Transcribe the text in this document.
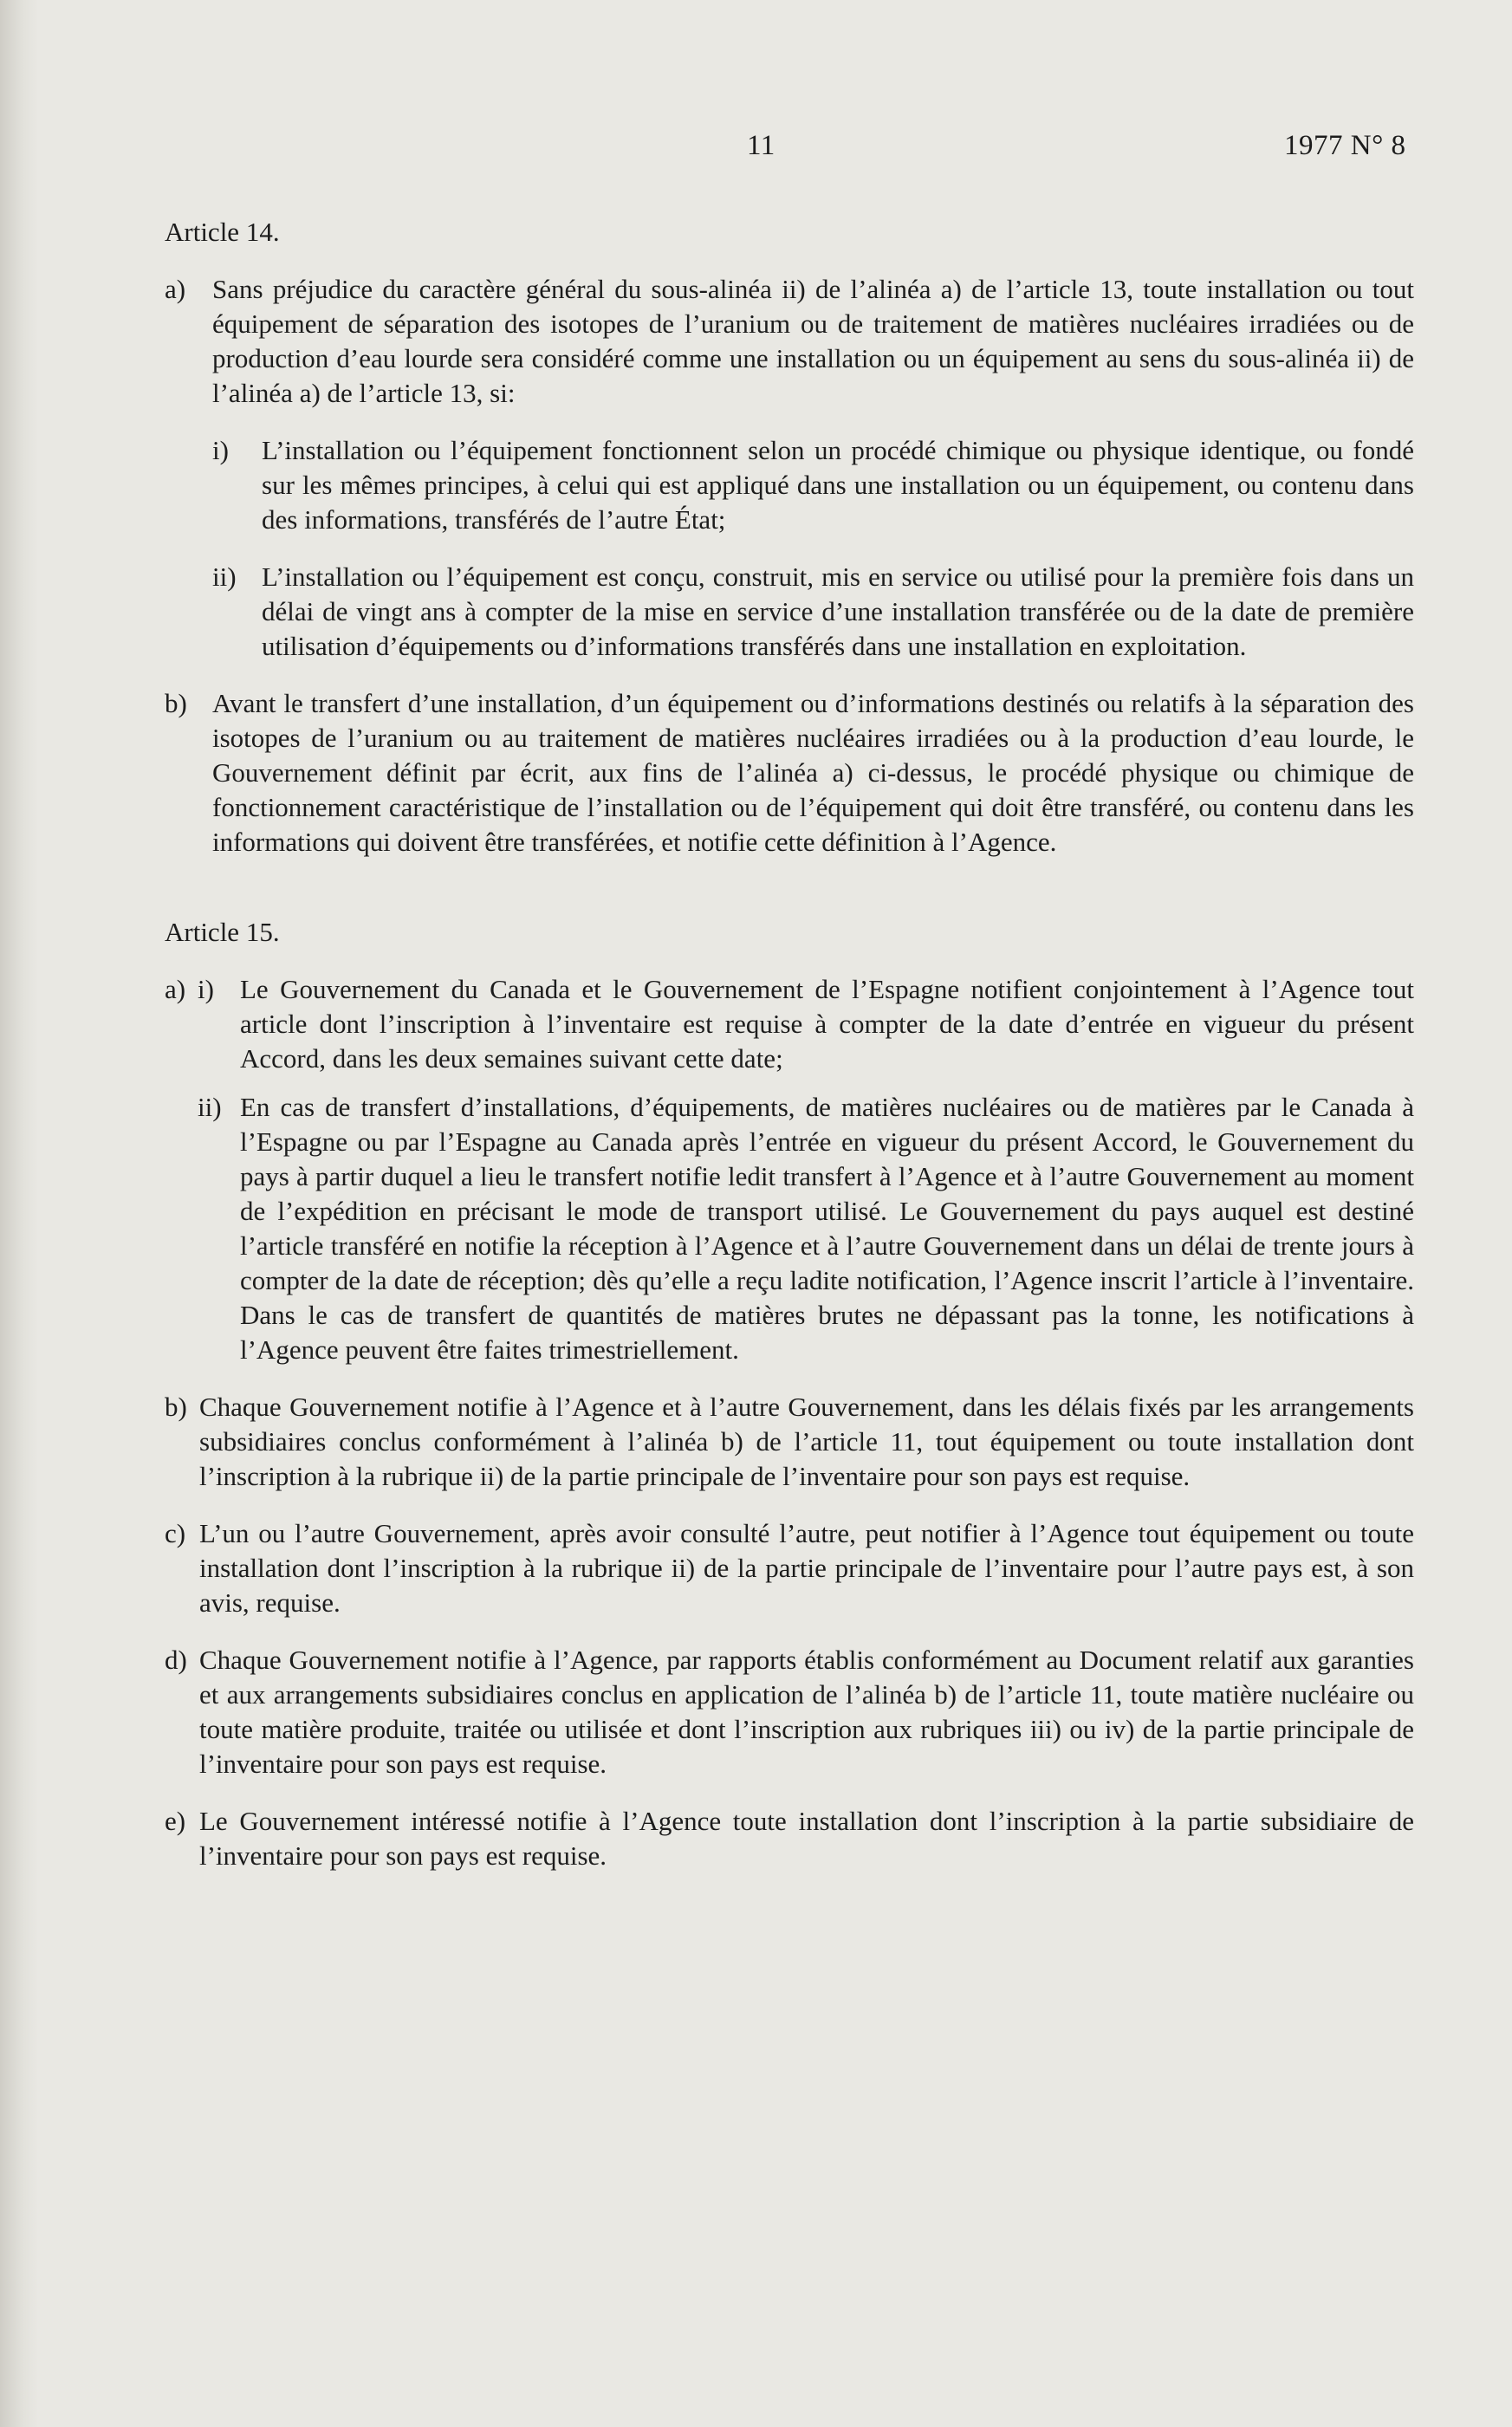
11	1977 N° 8
Article 14.
a) Sans préjudice du caractère général du sous-alinéa ii) de l’alinéa a) de l’article 13, toute installation ou tout équipement de séparation des isotopes de l’uranium ou de traitement de matières nucléaires irradiées ou de production d’eau lourde sera considéré comme une installation ou un équipement au sens du sous-alinéa ii) de l’alinéa a) de l’article 13, si:
i) L’installation ou l’équipement fonctionnent selon un procédé chimique ou physique identique, ou fondé sur les mêmes principes, à celui qui est appliqué dans une installation ou un équipement, ou contenu dans des informations, transférés de l’autre État;
ii) L’installation ou l’équipement est conçu, construit, mis en service ou utilisé pour la première fois dans un délai de vingt ans à compter de la mise en service d’une installation transférée ou de la date de première utilisation d’équipements ou d’informations transférés dans une installation en exploitation.
b) Avant le transfert d’une installation, d’un équipement ou d’informations destinés ou relatifs à la séparation des isotopes de l’uranium ou au traitement de matières nucléaires irradiées ou à la production d’eau lourde, le Gouvernement définit par écrit, aux fins de l’alinéa a) ci-dessus, le procédé physique ou chimique de fonctionnement caractéristique de l’installation ou de l’équipement qui doit être transféré, ou contenu dans les informations qui doivent être transférées, et notifie cette définition à l’Agence.
Article 15.
a) i) Le Gouvernement du Canada et le Gouvernement de l’Espagne notifient conjointement à l’Agence tout article dont l’inscription à l’inventaire est requise à compter de la date d’entrée en vigueur du présent Accord, dans les deux semaines suivant cette date;
ii) En cas de transfert d’installations, d’équipements, de matières nucléaires ou de matières par le Canada à l’Espagne ou par l’Espagne au Canada après l’entrée en vigueur du présent Accord, le Gouvernement du pays à partir duquel a lieu le transfert notifie ledit transfert à l’Agence et à l’autre Gouvernement au moment de l’expédition en précisant le mode de transport utilisé. Le Gouvernement du pays auquel est destiné l’article transféré en notifie la réception à l’Agence et à l’autre Gouvernement dans un délai de trente jours à compter de la date de réception; dès qu’elle a reçu ladite notification, l’Agence inscrit l’article à l’inventaire. Dans le cas de transfert de quantités de matières brutes ne dépassant pas la tonne, les notifications à l’Agence peuvent être faites trimestriellement.
b) Chaque Gouvernement notifie à l’Agence et à l’autre Gouvernement, dans les délais fixés par les arrangements subsidiaires conclus conformément à l’alinéa b) de l’article 11, tout équipement ou toute installation dont l’inscription à la rubrique ii) de la partie principale de l’inventaire pour son pays est requise.
c) L’un ou l’autre Gouvernement, après avoir consulté l’autre, peut notifier à l’Agence tout équipement ou toute installation dont l’inscription à la rubrique ii) de la partie principale de l’inventaire pour l’autre pays est, à son avis, requise.
d) Chaque Gouvernement notifie à l’Agence, par rapports établis conformément au Document relatif aux garanties et aux arrangements subsidiaires conclus en application de l’alinéa b) de l’article 11, toute matière nucléaire ou toute matière produite, traitée ou utilisée et dont l’inscription aux rubriques iii) ou iv) de la partie principale de l’inventaire pour son pays est requise.
e) Le Gouvernement intéressé notifie à l’Agence toute installation dont l’inscription à la partie subsidiaire de l’inventaire pour son pays est requise.
